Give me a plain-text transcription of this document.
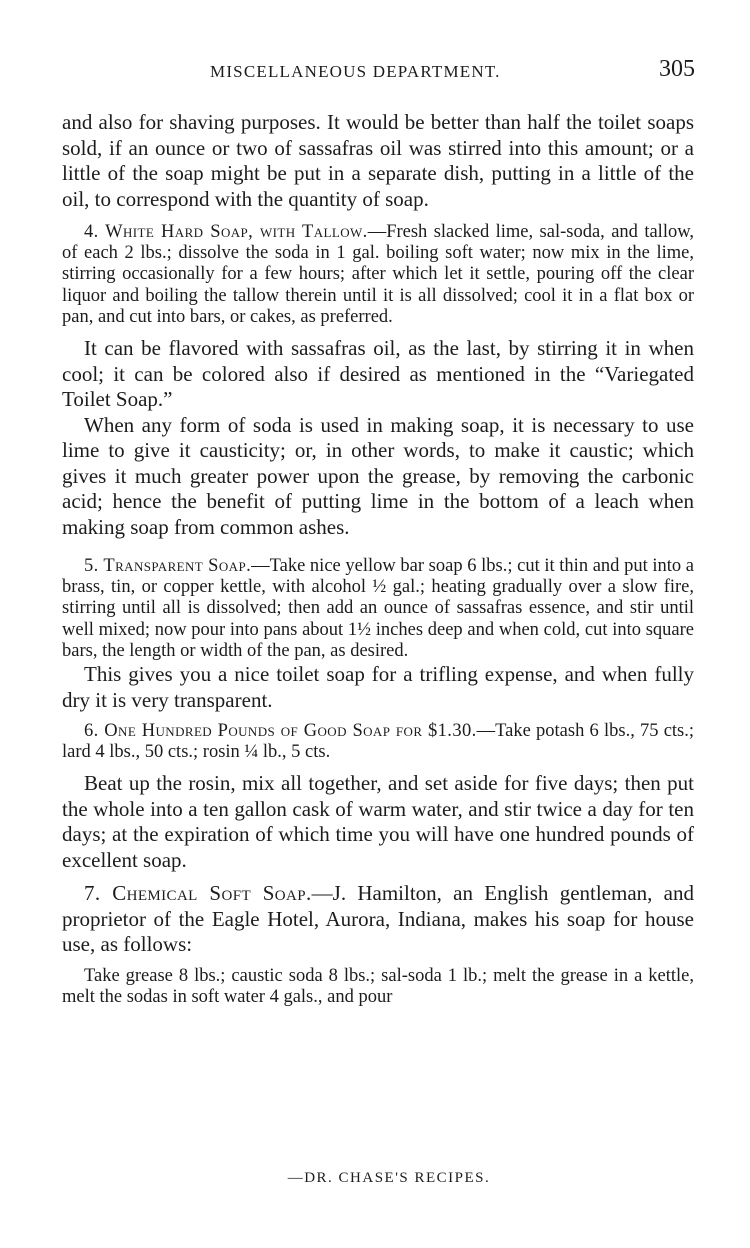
MISCELLANEOUS DEPARTMENT.	305

and also for shaving purposes. It would be better than half the toilet soaps sold, if an ounce or two of sassafras oil was stirred into this amount; or a little of the soap might be put in a separate dish, putting in a little of the oil, to correspond with the quantity of soap.

4. White Hard Soap, with Tallow.—Fresh slacked lime, sal-soda, and tallow, of each 2 lbs.; dissolve the soda in 1 gal. boiling soft water; now mix in the lime, stirring occasionally for a few hours; after which let it settle, pouring off the clear liquor and boiling the tallow therein until it is all dissolved; cool it in a flat box or pan, and cut into bars, or cakes, as preferred.

It can be flavored with sassafras oil, as the last, by stirring it in when cool; it can be colored also if desired as mentioned in the “Variegated Toilet Soap.”

When any form of soda is used in making soap, it is necessary to use lime to give it causticity; or, in other words, to make it caustic; which gives it much greater power upon the grease, by removing the carbonic acid; hence the benefit of putting lime in the bottom of a leach when making soap from common ashes.

5. Transparent Soap.—Take nice yellow bar soap 6 lbs.; cut it thin and put into a brass, tin, or copper kettle, with alcohol ½ gal.; heating gradually over a slow fire, stirring until all is dissolved; then add an ounce of sassafras essence, and stir until well mixed; now pour into pans about 1½ inches deep and when cold, cut into square bars, the length or width of the pan, as desired.

This gives you a nice toilet soap for a trifling expense, and when fully dry it is very transparent.

6. One Hundred Pounds of Good Soap for $1.30.—Take potash 6 lbs., 75 cts.; lard 4 lbs., 50 cts.; rosin ¼ lb., 5 cts.

Beat up the rosin, mix all together, and set aside for five days; then put the whole into a ten gallon cask of warm water, and stir twice a day for ten days; at the expiration of which time you will have one hundred pounds of excellent soap.

7. Chemical Soft Soap.—J. Hamilton, an English gentleman, and proprietor of the Eagle Hotel, Aurora, Indiana, makes his soap for house use, as follows:

Take grease 8 lbs.; caustic soda 8 lbs.; sal-soda 1 lb.; melt the grease in a kettle, melt the sodas in soft water 4 gals., and pour

—DR. CHASE'S RECIPES.
